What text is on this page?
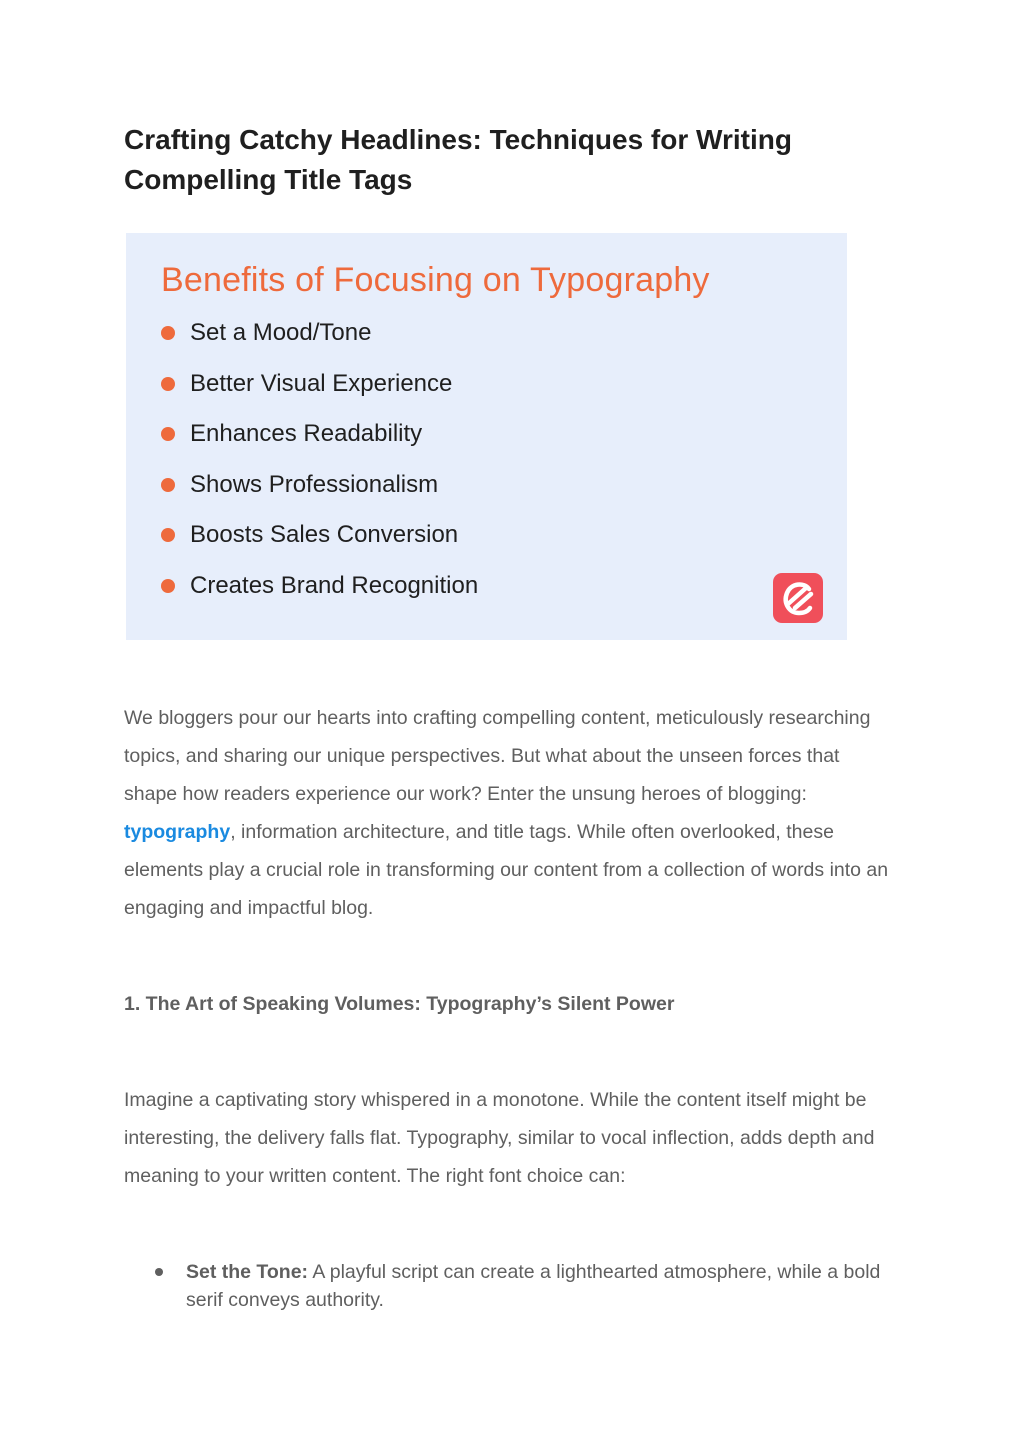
Crafting Catchy Headlines: Techniques for Writing Compelling Title Tags
Benefits of Focusing on Typography
Set a Mood/Tone
Better Visual Experience
Enhances Readability
Shows Professionalism
Boosts Sales Conversion
Creates Brand Recognition

We bloggers pour our hearts into crafting compelling content, meticulously researching topics, and sharing our unique perspectives. But what about the unseen forces that shape how readers experience our work? Enter the unsung heroes of blogging: typography, information architecture, and title tags. While often overlooked, these elements play a crucial role in transforming our content from a collection of words into an engaging and impactful blog.

1. The Art of Speaking Volumes: Typography’s Silent Power

Imagine a captivating story whispered in a monotone. While the content itself might be interesting, the delivery falls flat. Typography, similar to vocal inflection, adds depth and meaning to your written content. The right font choice can:

Set the Tone: A playful script can create a lighthearted atmosphere, while a bold serif conveys authority.
